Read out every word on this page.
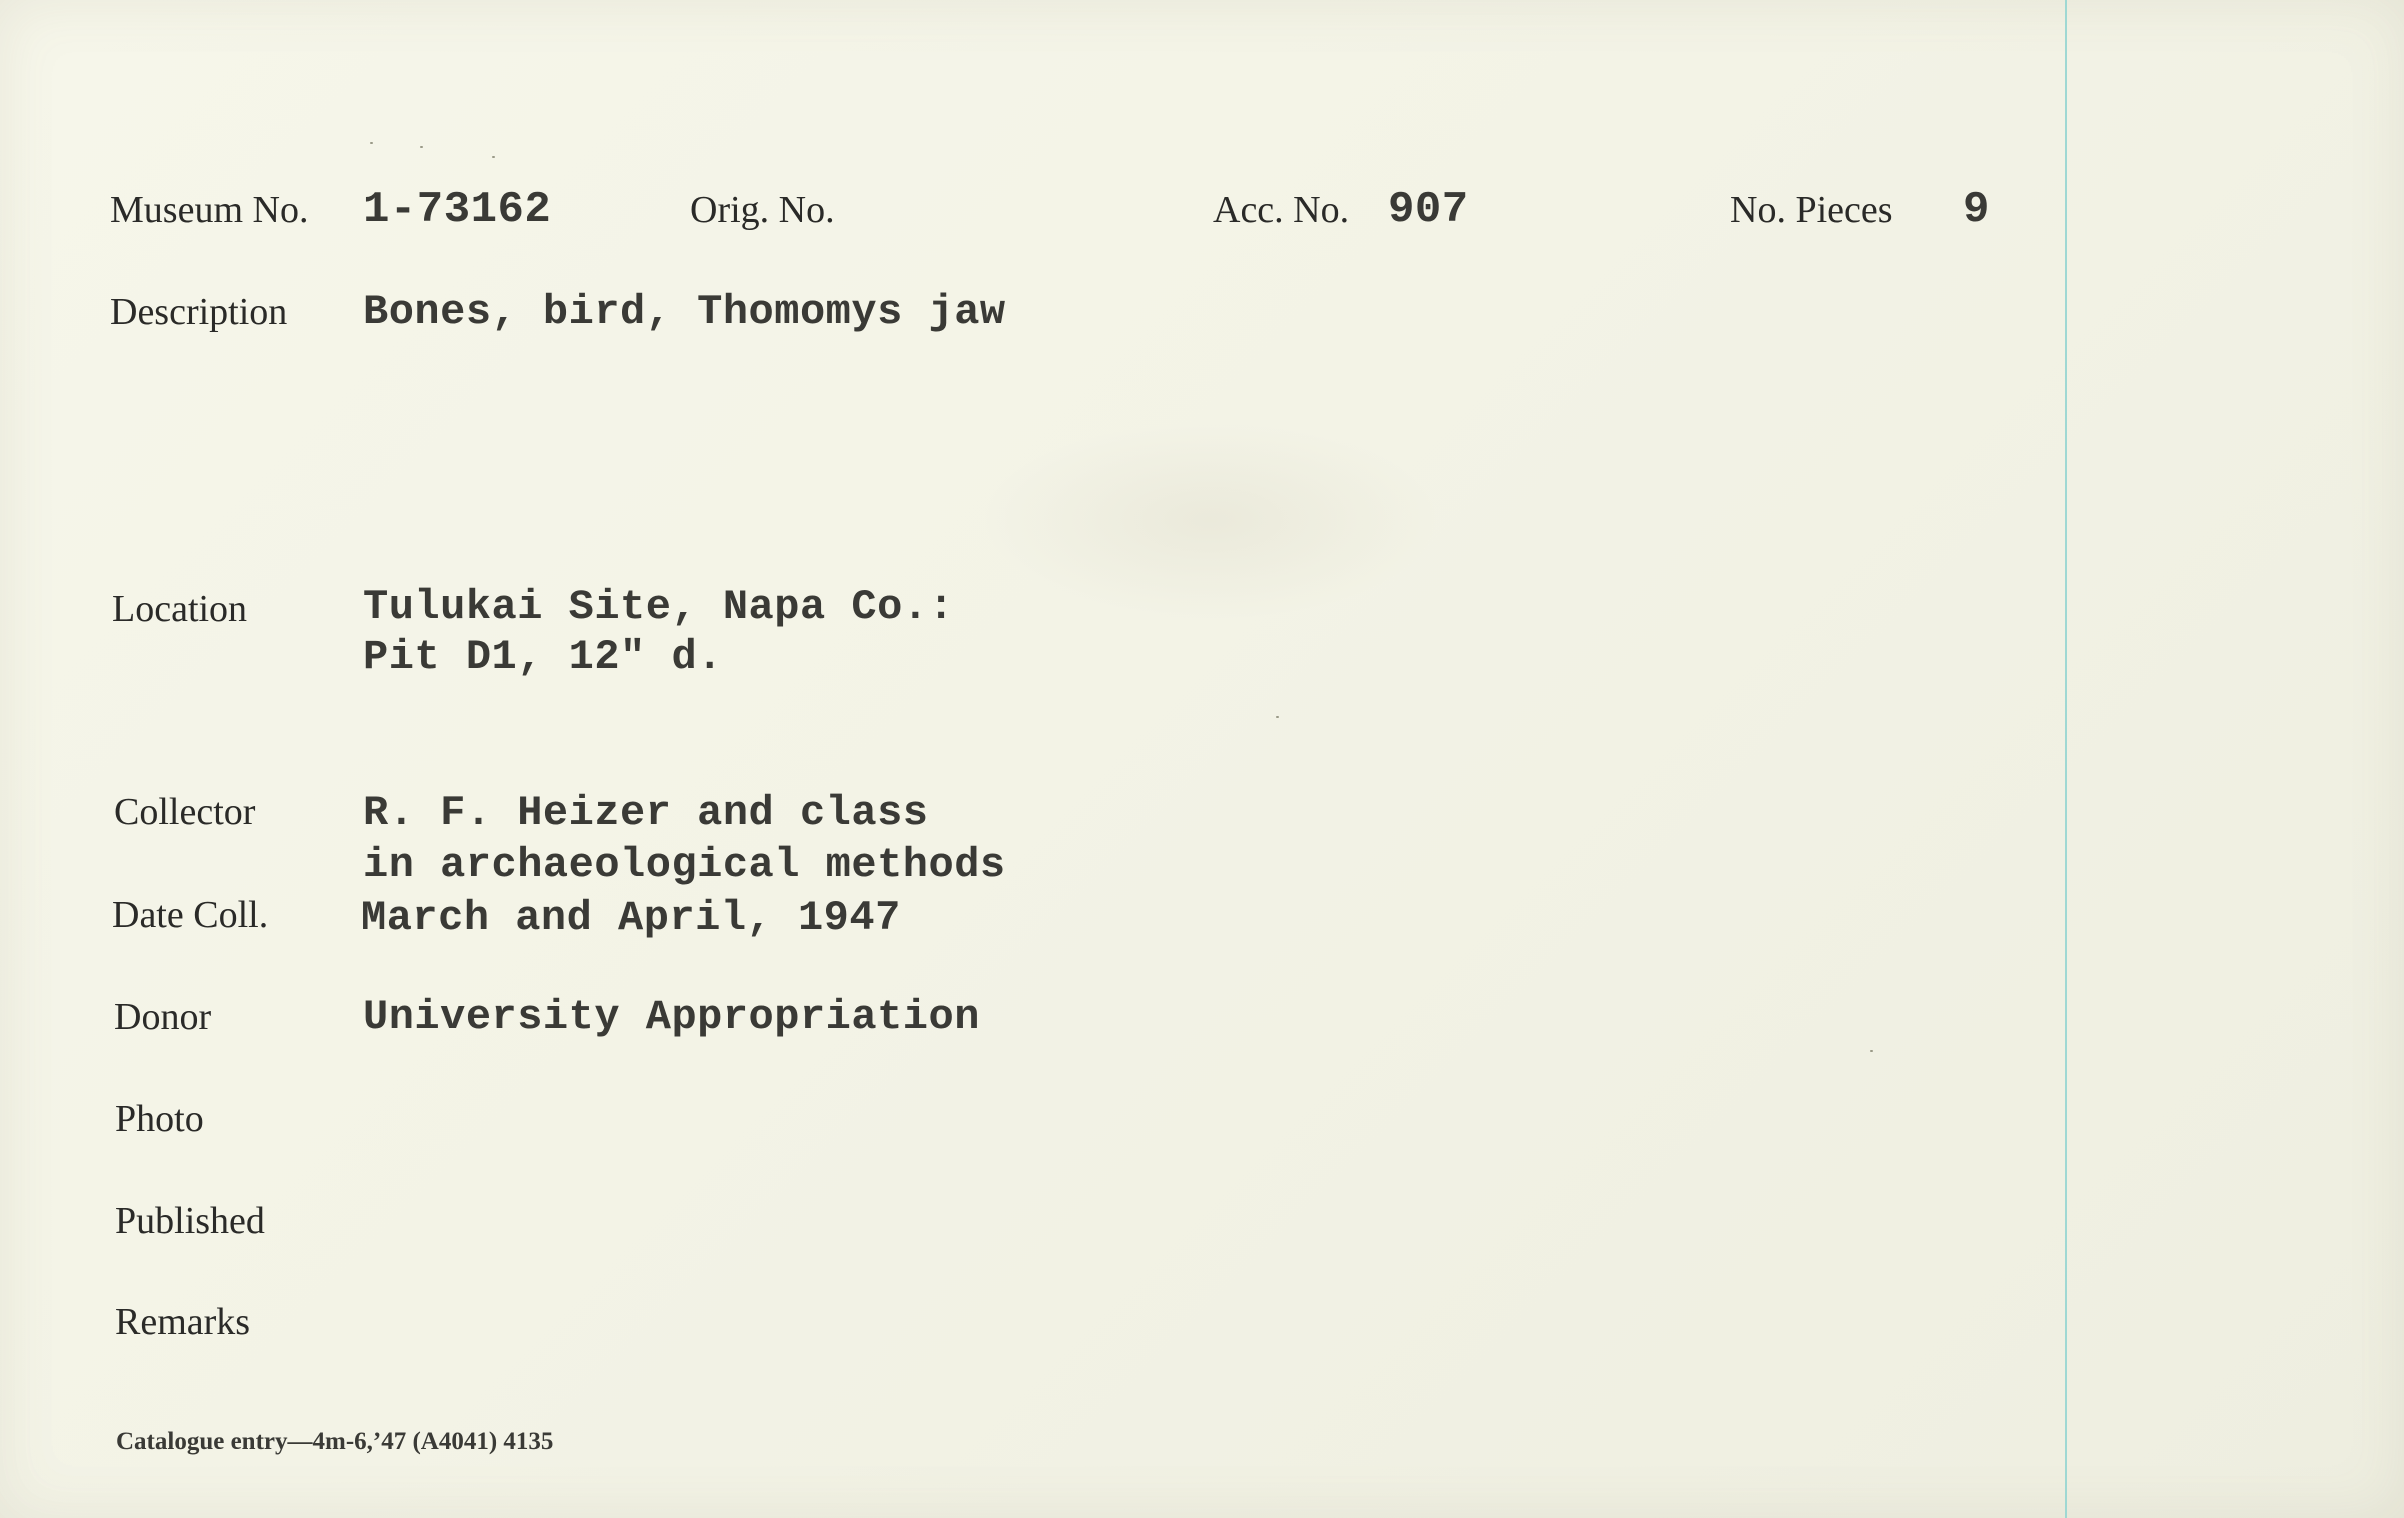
Museum No. 1-73162	Orig. No.	Acc. No. 907	No. Pieces 9
Description Bones, bird, Thomomys jaw
Location	Tulukai Site, Napa Co.:
Pit D1, 12" d.
Collector	R. F. Heizer and class
in archaeological methods
Date Coll. March and April, 1947
Donor	University Appropriation
Photo
Published
Remarks
Catalogue entry—4m-6,’47 (A4041) 4135
